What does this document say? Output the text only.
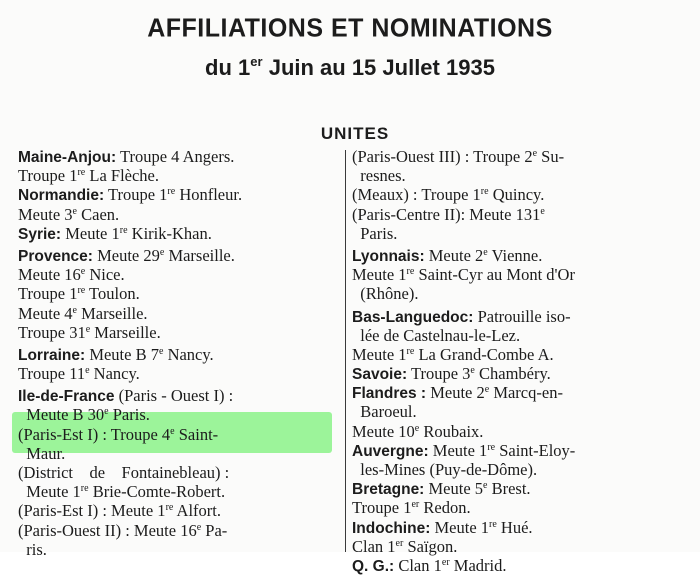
AFFILIATIONS ET NOMINATIONS
du 1er Juin au 15 Jullet 1935
UNITES
Maine-Anjou: Troupe 4 Angers.
Troupe 1re La Flèche.
Normandie: Troupe 1re Honfleur.
Meute 3e Caen.
Syrie: Meute 1re Kirik-Khan.
Provence: Meute 29e Marseille.
Meute 16e Nice.
Troupe 1re Toulon.
Meute 4e Marseille.
Troupe 31e Marseille.
Lorraine: Meute B 7e Nancy.
Troupe 11e Nancy.
Ile-de-France (Paris - Ouest I) :
Meute B 30e Paris.
(Paris-Est I) : Troupe 4e Saint-
Maur.
(District    de    Fontainebleau) :
Meute 1re Brie-Comte-Robert.
(Paris-Est I) : Meute 1re Alfort.
(Paris-Ouest II) : Meute 16e Pa-
ris.
(Paris-Ouest III) : Troupe 2e Su-
resnes.
(Meaux) : Troupe 1re Quincy.
(Paris-Centre II): Meute 131e
Paris.
Lyonnais: Meute 2e Vienne.
Meute 1re Saint-Cyr au Mont d'Or
(Rhône).
Bas-Languedoc: Patrouille iso-
lée de Castelnau-le-Lez.
Meute 1re La Grand-Combe A.
Savoie: Troupe 3e Chambéry.
Flandres : Meute 2e Marcq-en-
Baroeul.
Meute 10e Roubaix.
Auvergne: Meute 1re Saint-Eloy-
les-Mines (Puy-de-Dôme).
Bretagne: Meute 5e Brest.
Troupe 1er Redon.
Indochine: Meute 1re Hué.
Clan 1er Saïgon.
Q. G.: Clan 1er Madrid.
